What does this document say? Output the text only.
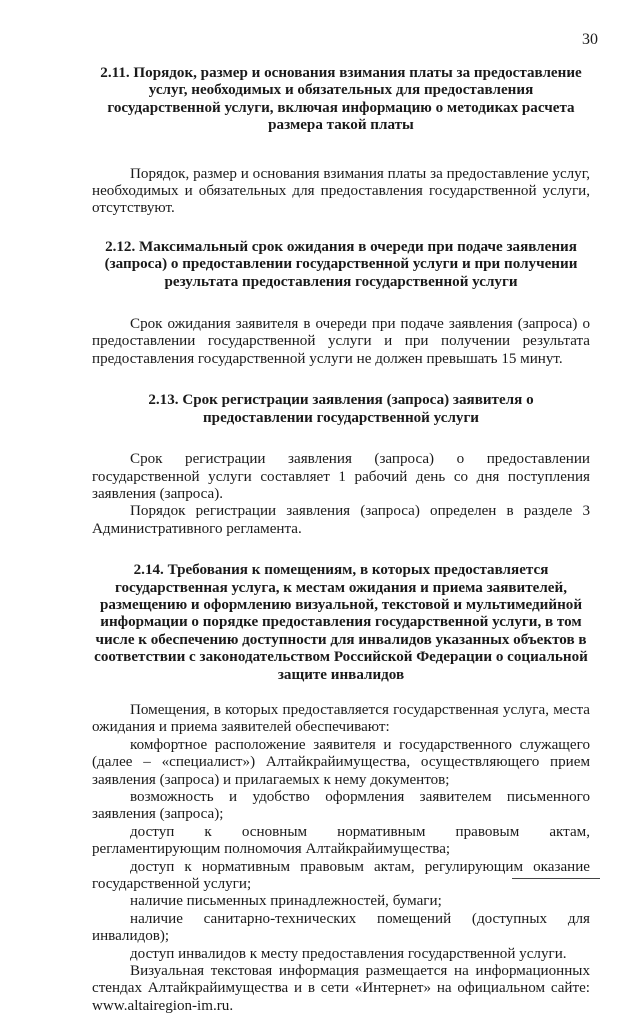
30

2.11. Порядок, размер и основания взимания платы за предоставление услуг, необходимых и обязательных для предоставления государственной услуги, включая информацию о методиках расчета размера такой платы

Порядок, размер и основания взимания платы за предоставление услуг, необходимых и обязательных для предоставления государственной услуги, отсутствуют.

2.12. Максимальный срок ожидания в очереди при подаче заявления (запроса) о предоставлении государственной услуги и при получении результата предоставления государственной услуги

Срок ожидания заявителя в очереди при подаче заявления (запроса) о предоставлении государственной услуги и при получении результата предоставления государственной услуги не должен превышать 15 минут.

2.13. Срок регистрации заявления (запроса) заявителя о предоставлении государственной услуги

Срок регистрации заявления (запроса) о предоставлении государственной услуги составляет 1 рабочий день со дня поступления заявления (запроса).

Порядок регистрации заявления (запроса) определен в разделе 3 Административного регламента.

2.14. Требования к помещениям, в которых предоставляется государственная услуга, к местам ожидания и приема заявителей, размещению и оформлению визуальной, текстовой и мультимедийной информации о порядке предоставления государственной услуги, в том числе к обеспечению доступности для инвалидов указанных объектов в соответствии с законодательством Российской Федерации о социальной защите инвалидов

Помещения, в которых предоставляется государственная услуга, места ожидания и приема заявителей обеспечивают:

комфортное расположение заявителя и государственного служащего (далее – «специалист») Алтайкрайимущества, осуществляющего прием заявления (запроса) и прилагаемых к нему документов;

возможность и удобство оформления заявителем письменного заявления (запроса);

доступ к основным нормативным правовым актам, регламентирующим полномочия Алтайкрайимущества;

доступ к нормативным правовым актам, регулирующим оказание государственной услуги;

наличие письменных принадлежностей, бумаги;

наличие санитарно-технических помещений (доступных для инвалидов);

доступ инвалидов к месту предоставления государственной услуги.

Визуальная текстовая информация размещается на информационных стендах Алтайкрайимущества и в сети «Интернет» на официальном сайте: www.altairegion-im.ru.
